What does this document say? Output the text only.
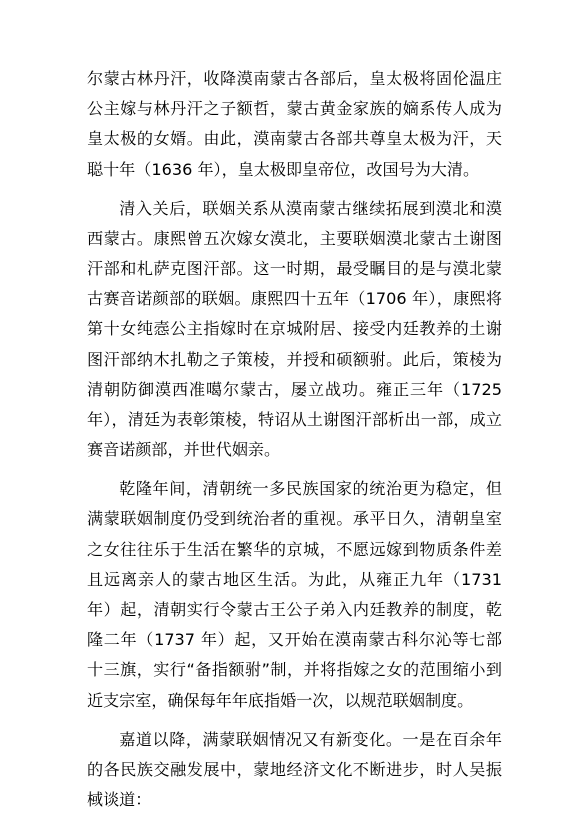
尔蒙古林丹汗，收降漠南蒙古各部后，皇太极将固伦温庄公主嫁与林丹汗之子额哲，蒙古黄金家族的嫡系传人成为皇太极的女婿。由此，漠南蒙古各部共尊皇太极为汗，天聪十年（1636 年），皇太极即皇帝位，改国号为大清。

清入关后，联姻关系从漠南蒙古继续拓展到漠北和漠西蒙古。康熙曾五次嫁女漠北，主要联姻漠北蒙古土谢图汗部和札萨克图汗部。这一时期，最受瞩目的是与漠北蒙古赛音诺颜部的联姻。康熙四十五年（1706 年），康熙将第十女纯悫公主指嫁时在京城附居、接受内廷教养的土谢图汗部纳木扎勒之子策棱，并授和硕额驸。此后，策棱为清朝防御漠西准噶尔蒙古，屡立战功。雍正三年（1725 年），清廷为表彰策棱，特诏从土谢图汗部析出一部，成立赛音诺颜部，并世代姻亲。

乾隆年间，清朝统一多民族国家的统治更为稳定，但满蒙联姻制度仍受到统治者的重视。承平日久，清朝皇室之女往往乐于生活在繁华的京城，不愿远嫁到物质条件差且远离亲人的蒙古地区生活。为此，从雍正九年（1731 年）起，清朝实行令蒙古王公子弟入内廷教养的制度，乾隆二年（1737 年）起，又开始在漠南蒙古科尔沁等七部十三旗，实行“备指额驸”制，并将指嫁之女的范围缩小到近支宗室，确保每年年底指婚一次，以规范联姻制度。

嘉道以降，满蒙联姻情况又有新变化。一是在百余年的各民族交融发展中，蒙地经济文化不断进步，时人吴振棫谈道：
